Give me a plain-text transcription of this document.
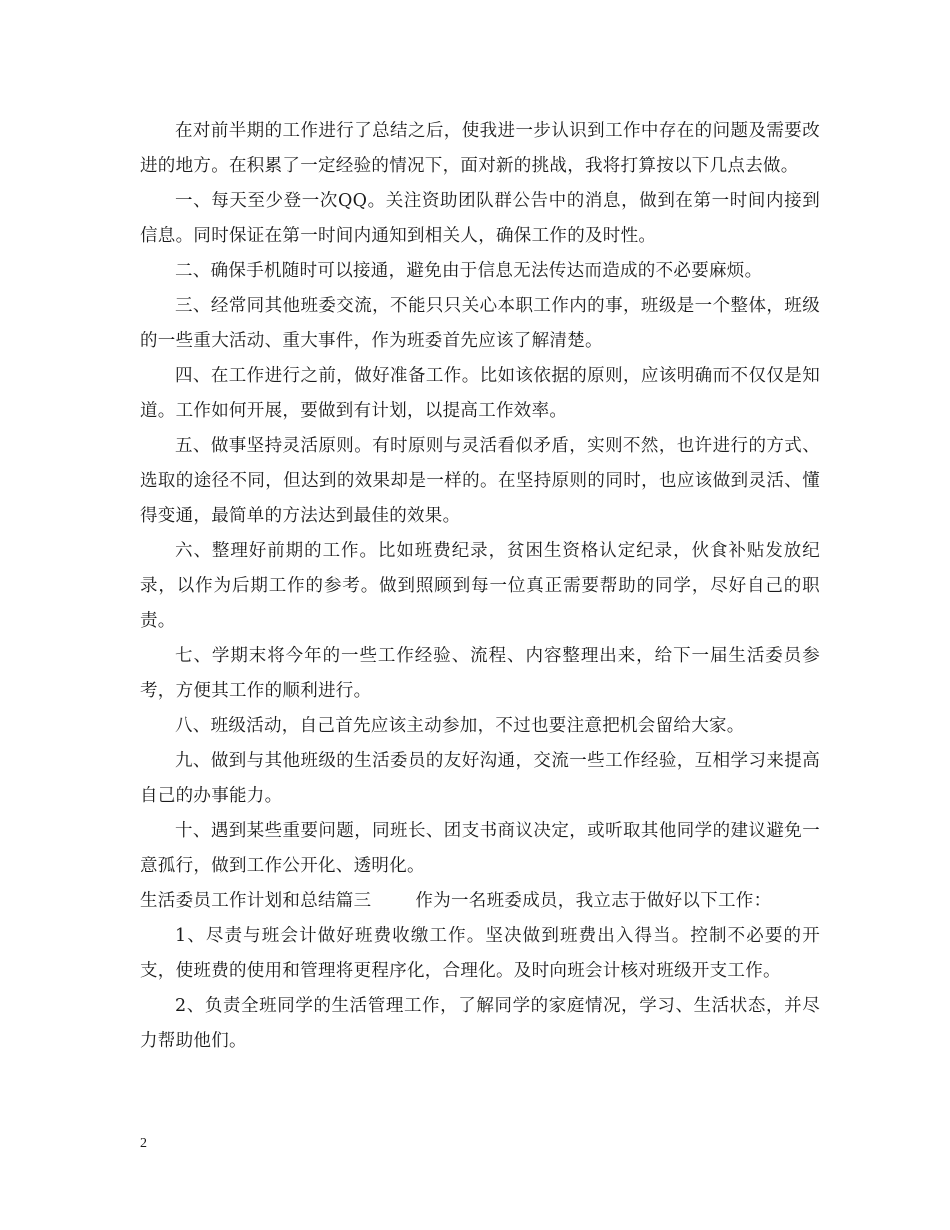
在对前半期的工作进行了总结之后，使我进一步认识到工作中存在的问题及需要改进的地方。在积累了一定经验的情况下，面对新的挑战，我将打算按以下几点去做。

一、每天至少登一次QQ。关注资助团队群公告中的消息，做到在第一时间内接到信息。同时保证在第一时间内通知到相关人，确保工作的及时性。

二、确保手机随时可以接通，避免由于信息无法传达而造成的不必要麻烦。

三、经常同其他班委交流，不能只只关心本职工作内的事，班级是一个整体，班级的一些重大活动、重大事件，作为班委首先应该了解清楚。

四、在工作进行之前，做好准备工作。比如该依据的原则，应该明确而不仅仅是知道。工作如何开展，要做到有计划，以提高工作效率。

五、做事坚持灵活原则。有时原则与灵活看似矛盾，实则不然，也许进行的方式、选取的途径不同，但达到的效果却是一样的。在坚持原则的同时，也应该做到灵活、懂得变通，最简单的方法达到最佳的效果。

六、整理好前期的工作。比如班费纪录，贫困生资格认定纪录，伙食补贴发放纪录，以作为后期工作的参考。做到照顾到每一位真正需要帮助的同学，尽好自己的职责。

七、学期末将今年的一些工作经验、流程、内容整理出来，给下一届生活委员参考，方便其工作的顺利进行。

八、班级活动，自己首先应该主动参加，不过也要注意把机会留给大家。

九、做到与其他班级的生活委员的友好沟通，交流一些工作经验，互相学习来提高自己的办事能力。

十、遇到某些重要问题，同班长、团支书商议决定，或听取其他同学的建议避免一意孤行，做到工作公开化、透明化。

生活委员工作计划和总结篇三	作为一名班委成员，我立志于做好以下工作：

1、尽责与班会计做好班费收缴工作。坚决做到班费出入得当。控制不必要的开支，使班费的使用和管理将更程序化，合理化。及时向班会计核对班级开支工作。

2、负责全班同学的生活管理工作，了解同学的家庭情况，学习、生活状态，并尽力帮助他们。

2
